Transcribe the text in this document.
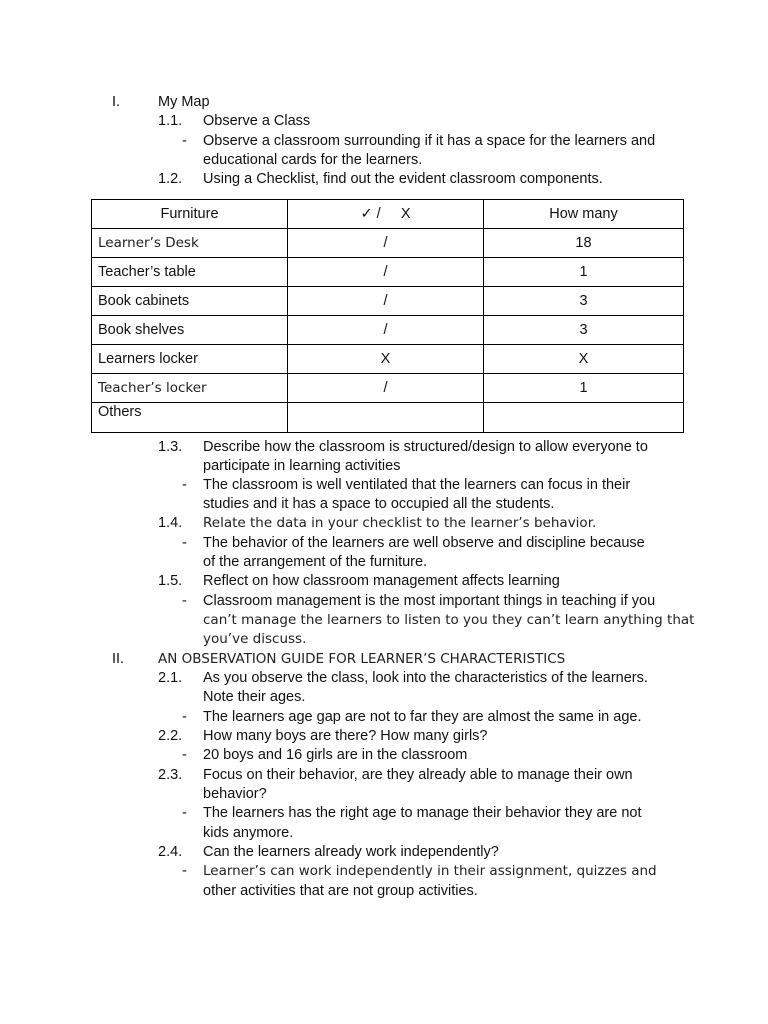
I.	My Map
1.1. Observe a Class
- Observe a classroom surrounding if it has a space for the learners and
educational cards for the learners.
1.2. Using a Checklist, find out the evident classroom components.
Furniture	✓ /     X	How many
Learner’s Desk	/	18
Teacher’s table	/	1
Book cabinets	/	3
Book shelves	/	3
Learners locker	X	X
Teacher’s locker	/	1
Others		
1.3. Describe how the classroom is structured/design to allow everyone to
participate in learning activities
- The classroom is well ventilated that the learners can focus in their
studies and it has a space to occupied all the students.
1.4. Relate the data in your checklist to the learner’s behavior.
- The behavior of the learners are well observe and discipline because
of the arrangement of the furniture.
1.5. Reflect on how classroom management affects learning
- Classroom management is the most important things in teaching if you
can’t manage the learners to listen to you they can’t learn anything that
you’ve discuss.
II.	AN OBSERVATION GUIDE FOR LEARNER’S CHARACTERISTICS
2.1. As you observe the class, look into the characteristics of the learners.
Note their ages.
- The learners age gap are not to far they are almost the same in age.
2.2. How many boys are there? How many girls?
- 20 boys and 16 girls are in the classroom
2.3. Focus on their behavior, are they already able to manage their own
behavior?
- The learners has the right age to manage their behavior they are not
kids anymore.
2.4. Can the learners already work independently?
- Learner’s can work independently in their assignment, quizzes and
other activities that are not group activities.
